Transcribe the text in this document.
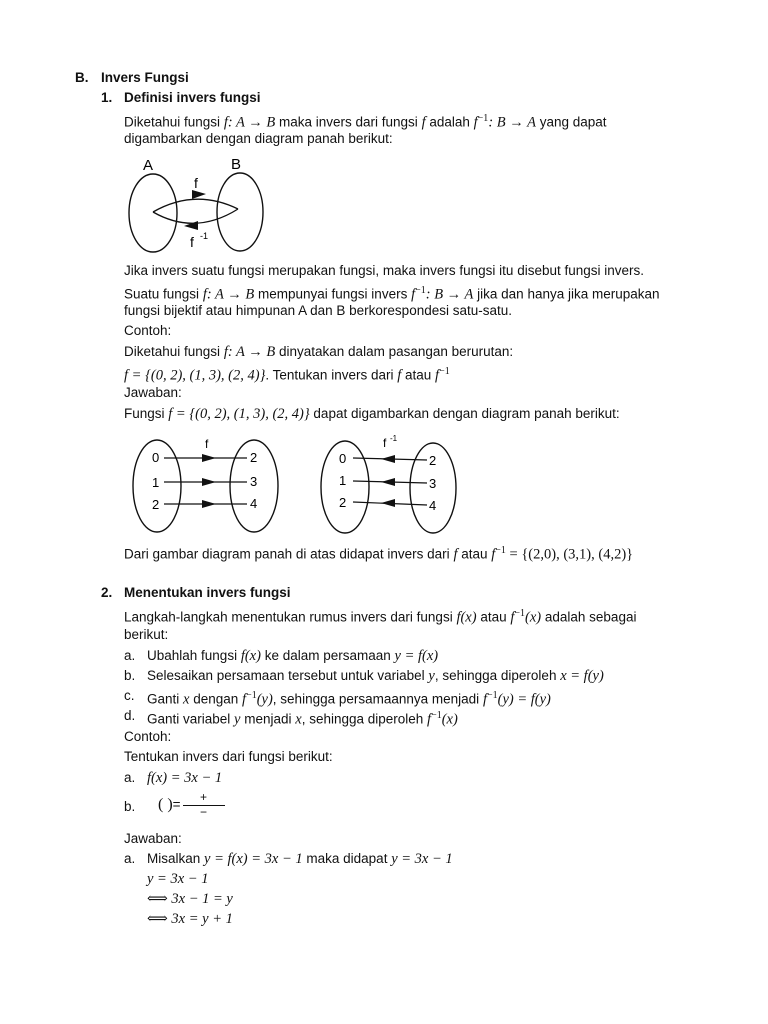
B. Invers Fungsi
1. Definisi invers fungsi
Diketahui fungsi f: A → B maka invers dari fungsi f adalah $f^{-1}$: B → A yang dapat
digambarkan dengan diagram panah berikut:
A	B
f
f -1
Jika invers suatu fungsi merupakan fungsi, maka invers fungsi itu disebut fungsi invers.
Suatu fungsi f: A → B mempunyai fungsi invers $f^{-1}$: B → A jika dan hanya jika merupakan
fungsi bijektif atau himpunan A dan B berkorespondesi satu-satu.
Contoh:
Diketahui fungsi f: A → B dinyatakan dalam pasangan berurutan:
f = {(0, 2), (1, 3), (2, 4)}. Tentukan invers dari f atau $f^{-1}$
Jawaban:
Fungsi f = {(0, 2), (1, 3), (2, 4)} dapat digambarkan dengan diagram panah berikut:
f
0
1
2
2
3
4
f -1
0
1
2
2
3
4
Dari gambar diagram panah di atas didapat invers dari f atau $f^{-1} = \{(2,0)$, (3,1), (4,2)}
2. Menentukan invers fungsi
Langkah-langkah menentukan rumus invers dari fungsi f(x) atau $f^{-1}(x)$ adalah sebagai
berikut:
a. Ubahlah fungsi f(x) ke dalam persamaan y = f(x)
b. Selesaikan persamaan tersebut untuk variabel y, sehingga diperoleh x = f(y)
c. Ganti x dengan $f^{-1}(y)$, sehingga persamaannya menjadi $f^{-1}(y) = f(y)$
d. Ganti variabel y menjadi x, sehingga diperoleh $f^{-1}(x)$
Contoh:
Tentukan invers dari fungsi berikut:
a. f(x) = 3x − 1
b. ( )= $\frac{+}{-}$
Jawaban:
a. Misalkan y = f(x) = 3x − 1 maka didapat y = 3x − 1
y = 3x − 1
⟺ 3x − 1 = y
⟺ 3x = y + 1
